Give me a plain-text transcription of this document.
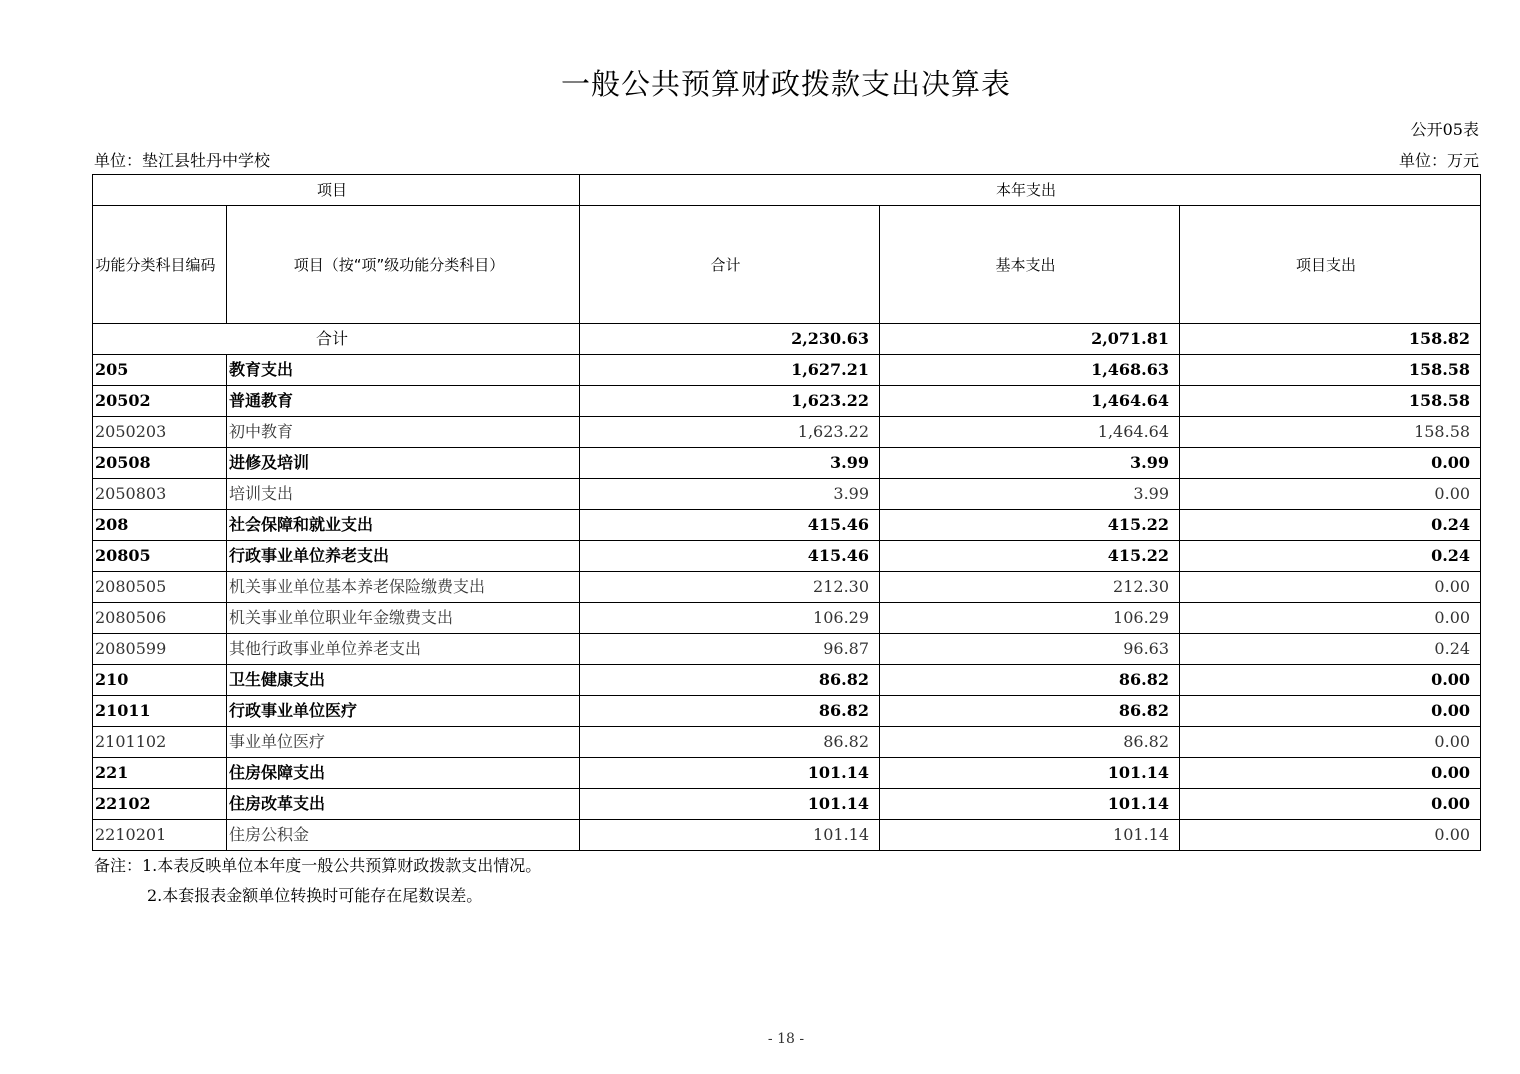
一般公共预算财政拨款支出决算表
公开05表
单位：垫江县牡丹中学校	单位：万元
项目		本年支出		
功能分类科目编码	项目（按“项”级功能分类科目）	合计	基本支出	项目支出
合计		2,230.63	2,071.81	158.82
205	教育支出	1,627.21	1,468.63	158.58
20502	普通教育	1,623.22	1,464.64	158.58
2050203	初中教育	1,623.22	1,464.64	158.58
20508	进修及培训	3.99	3.99	0.00
2050803	培训支出	3.99	3.99	0.00
208	社会保障和就业支出	415.46	415.22	0.24
20805	行政事业单位养老支出	415.46	415.22	0.24
2080505	机关事业单位基本养老保险缴费支出	212.30	212.30	0.00
2080506	机关事业单位职业年金缴费支出	106.29	106.29	0.00
2080599	其他行政事业单位养老支出	96.87	96.63	0.24
210	卫生健康支出	86.82	86.82	0.00
21011	行政事业单位医疗	86.82	86.82	0.00
2101102	事业单位医疗	86.82	86.82	0.00
221	住房保障支出	101.14	101.14	0.00
22102	住房改革支出	101.14	101.14	0.00
2210201	住房公积金	101.14	101.14	0.00
备注：1.本表反映单位本年度一般公共预算财政拨款支出情况。
2.本套报表金额单位转换时可能存在尾数误差。
- 18 -
